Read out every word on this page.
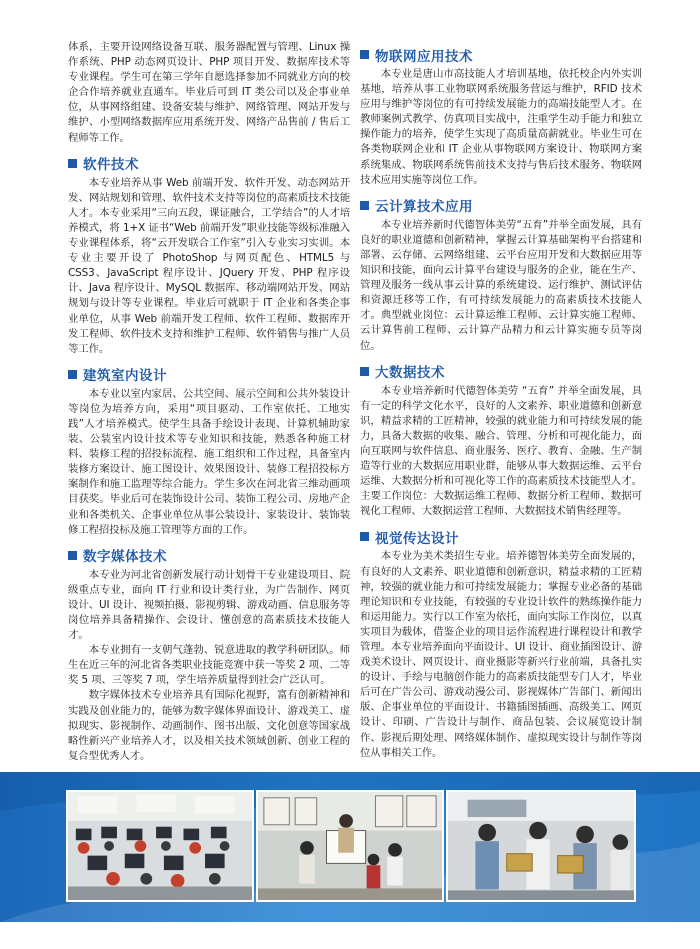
体系，主要开设网络设备互联、服务器配置与管理、Linux 操作系统、PHP 动态网页设计、PHP 项目开发、数据库技术等专业课程。学生可在第三学年自愿选择参加不同就业方向的校企合作培养就业直通车。毕业后可到 IT 类公司以及企事业单位，从事网络组建、设备安装与维护、网络管理、网站开发与维护、小型网络数据库应用系统开发、网络产品售前 / 售后工程师等工作。

软件技术

本专业培养从事 Web 前端开发、软件开发、动态网站开发、网站规划和管理、软件技术支持等岗位的高素质技术技能人才。本专业采用“三向五段，课证融合，工学结合”的人才培养模式，将 1+X 证书“Web 前端开发”职业技能等级标准融入专业课程体系，将“云开发联合工作室”引入专业实习实训。本专业主要开设了 PhotoShop 与网页配色、HTML5 与 CSS3、JavaScript 程序设计、JQuery 开发、PHP 程序设计、Java 程序设计、MySQL 数据库、移动端网站开发、网站规划与设计等专业课程。毕业后可就职于 IT 企业和各类企事业单位，从事 Web 前端开发工程师、软件工程师、数据库开发工程师、软件技术支持和维护工程师、软件销售与推广人员等工作。

建筑室内设计

本专业以室内家居、公共空间、展示空间和公共外装设计等岗位为培养方向，采用“项目驱动、工作室依托、工地实践”人才培养模式。使学生具备手绘设计表现、计算机辅助家装、公装室内设计技术等专业知识和技能，熟悉各种施工材料、装修工程的招投标流程、施工组织和工作过程，具备室内装修方案设计、施工图设计、效果图设计、装修工程招投标方案制作和施工监理等综合能力。学生多次在河北省三维动画项目获奖。毕业后可在装饰设计公司、装饰工程公司、房地产企业和各类机关、企事业单位从事公装设计、家装设计、装饰装修工程招投标及施工管理等方面的工作。

数字媒体技术

本专业为河北省创新发展行动计划骨干专业建设项目、院级重点专业，面向 IT 行业和设计类行业，为广告制作、网页设计、UI 设计、视频拍摄、影视剪辑、游戏动画、信息服务等岗位培养具备精操作、会设计、懂创意的高素质技术技能人才。

本专业拥有一支朝气蓬勃、锐意进取的教学科研团队。师生在近三年的河北省各类职业技能竞赛中获一等奖 2 项、二等奖 5 项、三等奖 7 项，学生培养质量得到社会广泛认可。

数字媒体技术专业培养具有国际化视野，富有创新精神和实践及创业能力的，能够为数字媒体界面设计、游戏美工、虚拟现实、影视制作、动画制作、图书出版、文化创意等国家战略性新兴产业培养人才，以及相关技术领域创新、创业工程的复合型优秀人才。

物联网应用技术

本专业是唐山市高技能人才培训基地，依托校企内外实训基地，培养从事工业物联网系统服务营运与维护，RFID 技术应用与维护等岗位的有可持续发展能力的高端技能型人才。在教师案例式教学、仿真项目实战中，注重学生动手能力和独立操作能力的培养，使学生实现了高质量高薪就业。毕业生可在各类物联网企业和 IT 企业从事物联网方案设计、物联网方案系统集成、物联网系统售前技术支持与售后技术服务、物联网技术应用实施等岗位工作。

云计算技术应用

本专业培养新时代德智体美劳“五育”并举全面发展，具有良好的职业道德和创新精神，掌握云计算基础架构平台搭建和部署、云存储、云网络组建、云平台应用开发和大数据应用等知识和技能，面向云计算平台建设与服务的企业，能在生产、管理及服务一线从事云计算的系统建设、运行维护、测试评估和资源迁移等工作，有可持续发展能力的高素质技术技能人才。典型就业岗位：云计算运维工程师、云计算实施工程师、云计算售前工程师、云计算产品精力和云计算实施专员等岗位。

大数据技术

本专业培养新时代德智体美劳 “五育” 并举全面发展，具有一定的科学文化水平，良好的人文素养、职业道德和创新意识，精益求精的工匠精神，较强的就业能力和可持续发展的能力，具备大数据的收集、融合、管理、分析和可视化能力，面向互联网与软件信息、商业服务、医疗、教育、金融、生产制造等行业的大数据应用职业群，能够从事大数据运维、云平台运维、大数据分析和可视化等工作的高素质技术技能型人才。主要工作岗位：大数据运维工程师、数据分析工程师、数据可视化工程师、大数据运营工程师、大数据技术销售经理等。

视觉传达设计

本专业为美术类招生专业。培养德智体美劳全面发展的，有良好的人文素养、职业道德和创新意识，精益求精的工匠精神，较强的就业能力和可持续发展能力；掌握专业必备的基础理论知识和专业技能，有较强的专业设计软件的熟练操作能力和运用能力。实行以工作室为依托，面向实际工作岗位，以真实项目为载体，借鉴企业的项目运作流程进行课程设计和教学管理。本专业培养面向平面设计、UI 设计、商业插图设计、游戏美术设计、网页设计、商业摄影等新兴行业前端，具备扎实的设计、手绘与电脑创作能力的高素质技能型专门人才，毕业后可在广告公司、游戏动漫公司、影视媒体广告部门、新闻出版、企事业单位的平面设计、书籍插图插画、高级美工、网页设计、印刷、广告设计与制作、商品包装、会议展览设计制作、影视后期处理、网络媒体制作、虚拟现实设计与制作等岗位从事相关工作。
